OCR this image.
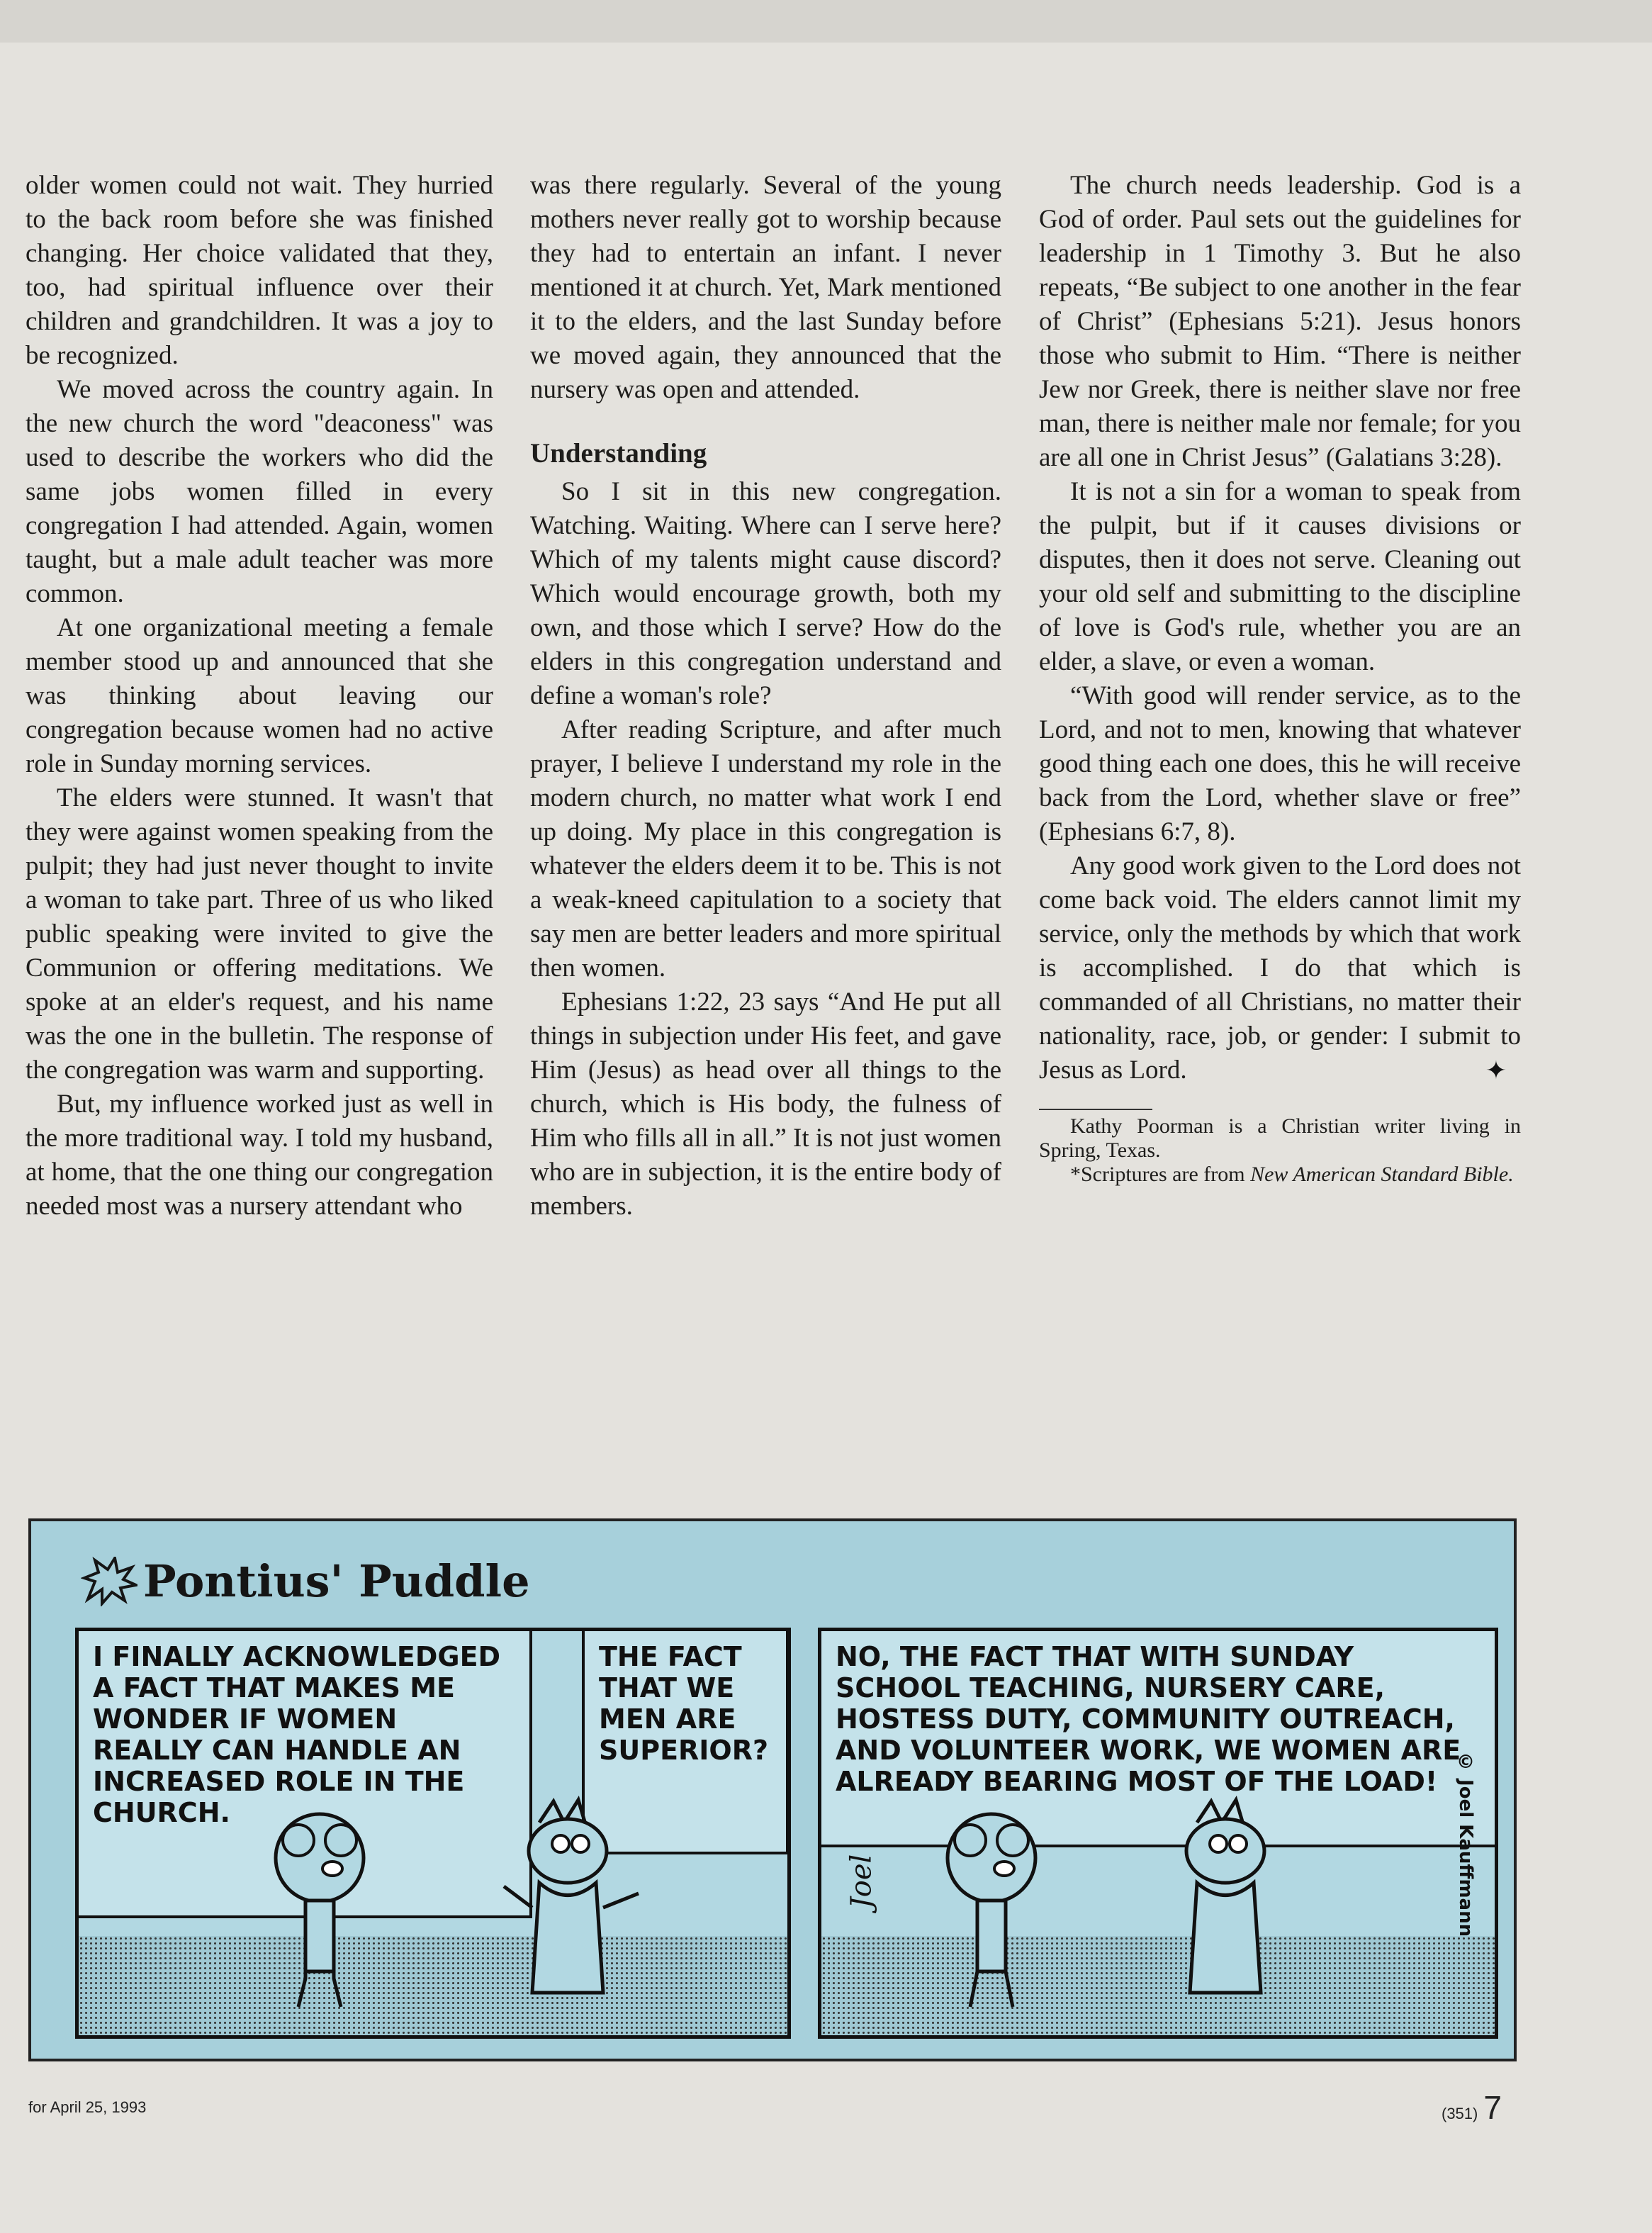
older women could not wait. They hurried to the back room before she was finished changing. Her choice validated that they, too, had spiritual influence over their children and grandchildren. It was a joy to be recognized.

We moved across the country again. In the new church the word "deaconess" was used to describe the workers who did the same jobs women filled in every congregation I had attended. Again, women taught, but a male adult teacher was more common.

At one organizational meeting a female member stood up and announced that she was thinking about leaving our congregation because women had no active role in Sunday morning services.

The elders were stunned. It wasn't that they were against women speaking from the pulpit; they had just never thought to invite a woman to take part. Three of us who liked public speaking were invited to give the Communion or offering meditations. We spoke at an elder's request, and his name was the one in the bulletin. The response of the congregation was warm and supporting.

But, my influence worked just as well in the more traditional way. I told my husband, at home, that the one thing our congregation needed most was a nursery attendant who

was there regularly. Several of the young mothers never really got to worship because they had to entertain an infant. I never mentioned it at church. Yet, Mark mentioned it to the elders, and the last Sunday before we moved again, they announced that the nursery was open and attended.

Understanding

So I sit in this new congregation. Watching. Waiting. Where can I serve here? Which of my talents might cause discord? Which would encourage growth, both my own, and those which I serve? How do the elders in this congregation understand and define a woman's role?

After reading Scripture, and after much prayer, I believe I understand my role in the modern church, no matter what work I end up doing. My place in this congregation is whatever the elders deem it to be. This is not a weak-kneed capitulation to a society that say men are better leaders and more spiritual then women.

Ephesians 1:22, 23 says “And He put all things in subjection under His feet, and gave Him (Jesus) as head over all things to the church, which is His body, the fulness of Him who fills all in all.” It is not just women who are in subjection, it is the entire body of members.

The church needs leadership. God is a God of order. Paul sets out the guidelines for leadership in 1 Timothy 3. But he also repeats, “Be subject to one another in the fear of Christ” (Ephesians 5:21). Jesus honors those who submit to Him. “There is neither Jew nor Greek, there is neither slave nor free man, there is neither male nor female; for you are all one in Christ Jesus” (Galatians 3:28).

It is not a sin for a woman to speak from the pulpit, but if it causes divisions or disputes, then it does not serve. Cleaning out your old self and submitting to the discipline of love is God's rule, whether you are an elder, a slave, or even a woman.

“With good will render service, as to the Lord, and not to men, knowing that whatever good thing each one does, this he will receive back from the Lord, whether slave or free” (Ephesians 6:7, 8).

Any good work given to the Lord does not come back void. The elders cannot limit my service, only the methods by which that work is accomplished. I do that which is commanded of all Christians, no matter their nationality, race, job, or gender: I submit to Jesus as Lord.	✦

Kathy Poorman is a Christian writer living in Spring, Texas.

*Scriptures are from New American Standard Bible.

Pontius' Puddle
I FINALLY ACKNOWLEDGED A FACT THAT MAKES ME WONDER IF WOMEN REALLY CAN HANDLE AN INCREASED ROLE IN THE CHURCH.
THE FACT THAT WE MEN ARE SUPERIOR?
NO, THE FACT THAT WITH SUNDAY SCHOOL TEACHING, NURSERY CARE, HOSTESS DUTY, COMMUNITY OUTREACH, AND VOLUNTEER WORK, WE WOMEN ARE ALREADY BEARING MOST OF THE LOAD!
Joel	© Joel Kauffmann
for April 25, 1993	(351) 7
